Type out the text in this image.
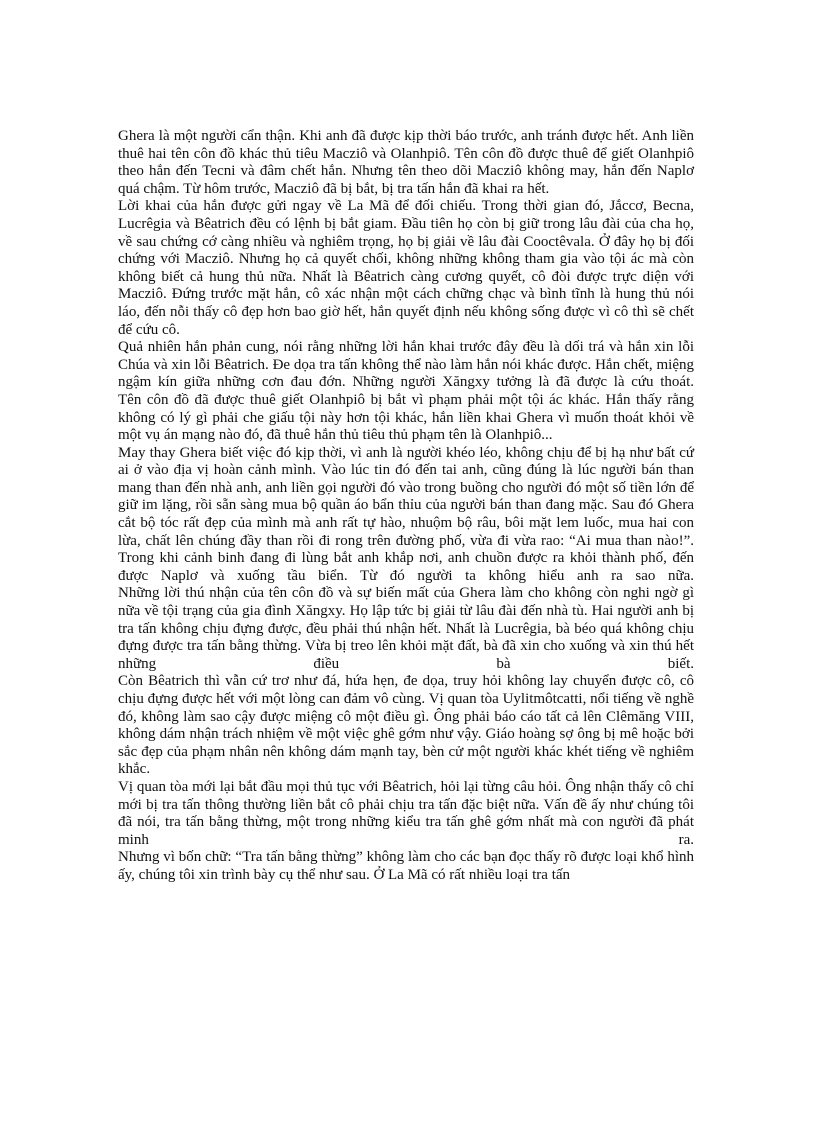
Ghera là một người cẩn thận. Khi anh đã được kịp thời báo trước, anh tránh được hết. Anh liền thuê hai tên côn đồ khác thủ tiêu Macziô và Olanhpiô. Tên côn đồ được thuê để giết Olanhpiô theo hắn đến Tecni và đâm chết hắn. Nhưng tên theo dõi Macziô không may, hắn đến Naplơ quá chậm. Từ hôm trước, Macziô đã bị bắt, bị tra tấn hắn đã khai ra hết.

Lời khai của hắn được gửi ngay về La Mã để đối chiếu. Trong thời gian đó, Jắccơ, Becna, Lucrêgia và Bêatrich đều có lệnh bị bắt giam. Đầu tiên họ còn bị giữ trong lâu đài của cha họ, về sau chứng cớ càng nhiều và nghiêm trọng, họ bị giải về lâu đài Cooctêvala. Ở đây họ bị đối chứng với Macziô. Nhưng họ cả quyết chối, không những không tham gia vào tội ác mà còn không biết cả hung thủ nữa. Nhất là Bêatrich càng cương quyết, cô đòi được trực diện với Macziô. Đứng trước mặt hắn, cô xác nhận một cách chững chạc và bình tĩnh là hung thủ nói láo, đến nỗi thấy cô đẹp hơn bao giờ hết, hắn quyết định nếu không sống được vì cô thì sẽ chết để cứu cô.

Quả nhiên hắn phản cung, nói rằng những lời hắn khai trước đây đều là dối trá và hắn xin lỗi Chúa và xin lỗi Bêatrich. Đe dọa tra tấn không thể nào làm hắn nói khác được. Hắn chết, miệng ngậm kín giữa những cơn đau đớn. Những người Xăngxy tưởng là đã được là cứu thoát.

Tên côn đồ đã được thuê giết Olanhpiô bị bắt vì phạm phải một tội ác khác. Hắn thấy rằng không có lý gì phải che giấu tội này hơn tội khác, hắn liền khai Ghera vì muốn thoát khỏi về một vụ án mạng nào đó, đã thuê hắn thủ tiêu thủ phạm tên là Olanhpiô...

May thay Ghera biết việc đó kịp thời, vì anh là người khéo léo, không chịu để bị hạ như bất cứ ai ở vào địa vị hoàn cảnh mình. Vào lúc tin đó đến tai anh, cũng đúng là lúc người bán than mang than đến nhà anh, anh liền gọi người đó vào trong buồng cho người đó một số tiền lớn để giữ im lặng, rồi sẵn sàng mua bộ quần áo bẩn thỉu của người bán than đang mặc. Sau đó Ghera cắt bộ tóc rất đẹp của mình mà anh rất tự hào, nhuộm bộ râu, bôi mặt lem luốc, mua hai con lừa, chất lên chúng đầy than rồi đi rong trên đường phố, vừa đi vừa rao: “Ai mua than nào!”. Trong khi cảnh binh đang đi lùng bắt anh khắp nơi, anh chuồn được ra khỏi thành phố, đến được Naplơ và xuống tầu biển. Từ đó người ta không hiểu anh ra sao nữa.

Những lời thú nhận của tên côn đồ và sự biến mất của Ghera làm cho không còn nghi ngờ gì nữa về tội trạng của gia đình Xăngxy. Họ lập tức bị giải từ lâu đài đến nhà tù. Hai người anh bị tra tấn không chịu đựng được, đều phải thú nhận hết. Nhất là Lucrêgia, bà béo quá không chịu đựng được tra tấn bằng thừng. Vừa bị treo lên khỏi mặt đất, bà đã xin cho xuống và xin thú hết những điều bà biết.

Còn Bêatrich thì vẫn cứ trơ như đá, hứa hẹn, đe dọa, truy hỏi không lay chuyển được cô, cô chịu đựng được hết với một lòng can đảm vô cùng. Vị quan tòa Uylitmôtcatti, nổi tiếng về nghề đó, không làm sao cậy được miệng cô một điều gì. Ông phải báo cáo tất cả lên Clêmăng VIII, không dám nhận trách nhiệm về một việc ghê gớm như vậy. Giáo hoàng sợ ông bị mê hoặc bởi sắc đẹp của phạm nhân nên không dám mạnh tay, bèn cử một người khác khét tiếng về nghiêm khắc.

Vị quan tòa mới lại bắt đầu mọi thủ tục với Bêatrich, hỏi lại từng câu hỏi. Ông nhận thấy cô chỉ mới bị tra tấn thông thường liền bắt cô phải chịu tra tấn đặc biệt nữa. Vấn đề ấy như chúng tôi đã nói, tra tấn bằng thừng, một trong những kiểu tra tấn ghê gớm nhất mà con người đã phát minh ra.

Nhưng vì bốn chữ: “Tra tấn bằng thừng” không làm cho các bạn đọc thấy rõ được loại khổ hình ấy, chúng tôi xin trình bày cụ thể như sau. Ở La Mã có rất nhiều loại tra tấn
